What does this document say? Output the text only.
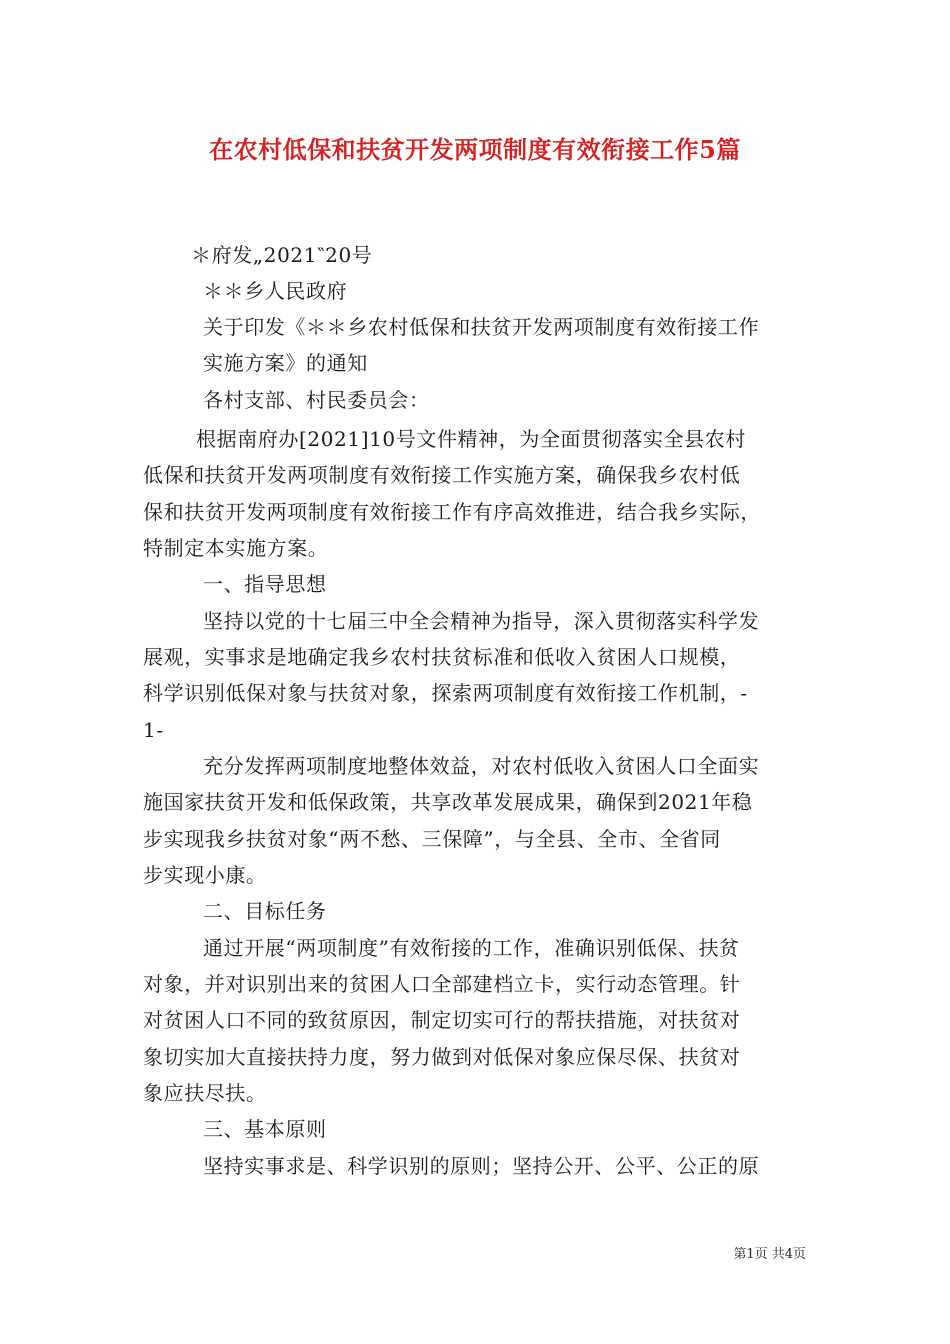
在农村低保和扶贫开发两项制度有效衔接工作5篇
＊府发„2021‶20号
＊＊乡人民政府
关于印发《＊＊乡农村低保和扶贫开发两项制度有效衔接工作
实施方案》的通知
各村支部、村民委员会：
根据南府办[2021]10号文件精神，为全面贯彻落实全县农村
低保和扶贫开发两项制度有效衔接工作实施方案，确保我乡农村低
保和扶贫开发两项制度有效衔接工作有序高效推进，结合我乡实际，
特制定本实施方案。
一、指导思想
坚持以党的十七届三中全会精神为指导，深入贯彻落实科学发
展观，实事求是地确定我乡农村扶贫标准和低收入贫困人口规模，
科学识别低保对象与扶贫对象，探索两项制度有效衔接工作机制，-
1-
充分发挥两项制度地整体效益，对农村低收入贫困人口全面实
施国家扶贫开发和低保政策，共享改革发展成果，确保到2021年稳
步实现我乡扶贫对象“两不愁、三保障”，与全县、全市、全省同
步实现小康。
二、目标任务
通过开展“两项制度”有效衔接的工作，准确识别低保、扶贫
对象，并对识别出来的贫困人口全部建档立卡，实行动态管理。针
对贫困人口不同的致贫原因，制定切实可行的帮扶措施，对扶贫对
象切实加大直接扶持力度，努力做到对低保对象应保尽保、扶贫对
象应扶尽扶。
三、基本原则
坚持实事求是、科学识别的原则；坚持公开、公平、公正的原
第1页 共4页
